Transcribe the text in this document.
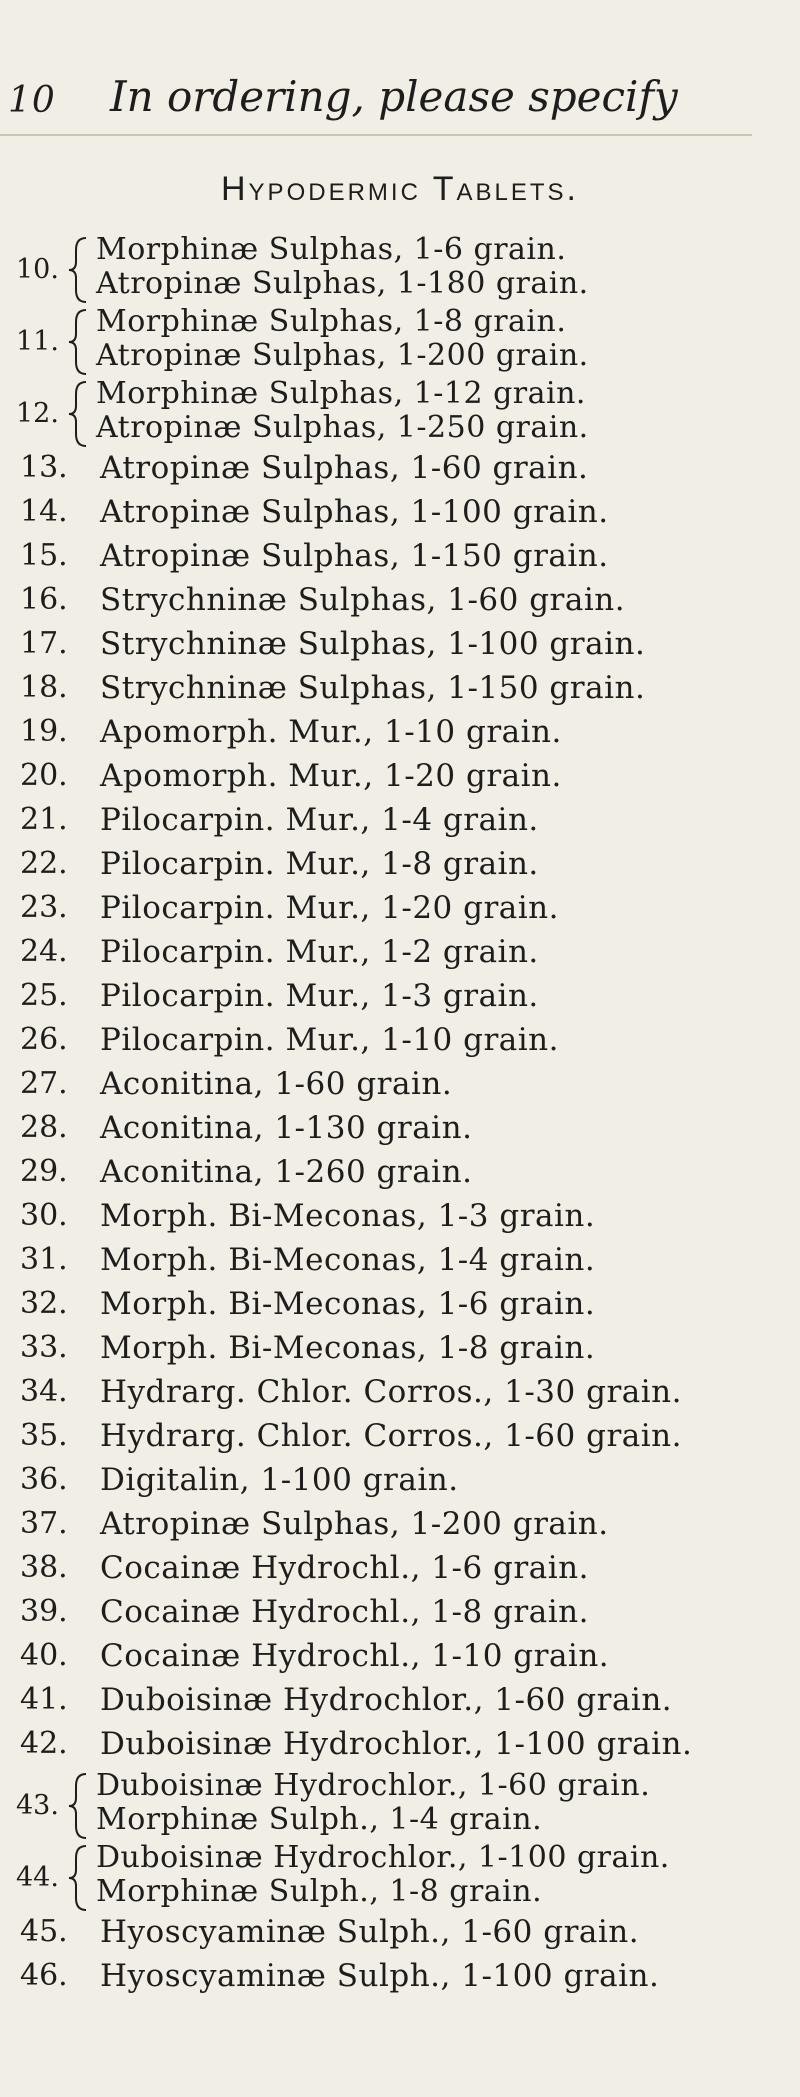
10 In ordering, please specify
Hypodermic Tablets.
10.
Morphinæ Sulphas, 1-6 grain.
Atropinæ Sulphas, 1-180 grain.
11.
Morphinæ Sulphas, 1-8 grain.
Atropinæ Sulphas, 1-200 grain.
12.
Morphinæ Sulphas, 1-12 grain.
Atropinæ Sulphas, 1-250 grain.
13.	Atropinæ Sulphas, 1-60 grain.
14.	Atropinæ Sulphas, 1-100 grain.
15.	Atropinæ Sulphas, 1-150 grain.
16.	Strychninæ Sulphas, 1-60 grain.
17.	Strychninæ Sulphas, 1-100 grain.
18.	Strychninæ Sulphas, 1-150 grain.
19.	Apomorph. Mur., 1-10 grain.
20.	Apomorph. Mur., 1-20 grain.
21.	Pilocarpin. Mur., 1-4 grain.
22.	Pilocarpin. Mur., 1-8 grain.
23.	Pilocarpin. Mur., 1-20 grain.
24.	Pilocarpin. Mur., 1-2 grain.
25.	Pilocarpin. Mur., 1-3 grain.
26.	Pilocarpin. Mur., 1-10 grain.
27.	Aconitina, 1-60 grain.
28.	Aconitina, 1-130 grain.
29.	Aconitina, 1-260 grain.
30.	Morph. Bi-Meconas, 1-3 grain.
31.	Morph. Bi-Meconas, 1-4 grain.
32.	Morph. Bi-Meconas, 1-6 grain.
33.	Morph. Bi-Meconas, 1-8 grain.
34.	Hydrarg. Chlor. Corros., 1-30 grain.
35.	Hydrarg. Chlor. Corros., 1-60 grain.
36.	Digitalin, 1-100 grain.
37.	Atropinæ Sulphas, 1-200 grain.
38.	Cocainæ Hydrochl., 1-6 grain.
39.	Cocainæ Hydrochl., 1-8 grain.
40.	Cocainæ Hydrochl., 1-10 grain.
41.	Duboisinæ Hydrochlor., 1-60 grain.
42.	Duboisinæ Hydrochlor., 1-100 grain.
43.
Duboisinæ Hydrochlor., 1-60 grain.
Morphinæ Sulph., 1-4 grain.
44.
Duboisinæ Hydrochlor., 1-100 grain.
Morphinæ Sulph., 1-8 grain.
45.	Hyoscyaminæ Sulph., 1-60 grain.
46.	Hyoscyaminæ Sulph., 1-100 grain.
